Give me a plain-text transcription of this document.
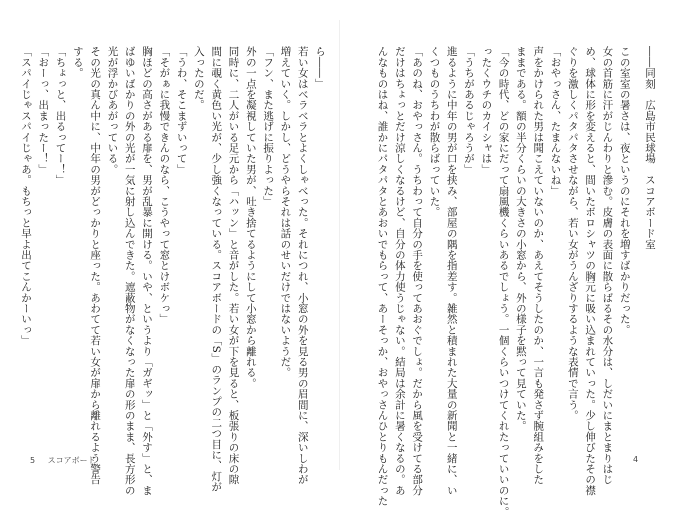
――同刻　広島市民球場　スコアボード室
この室室の暑さは、夜というのにそれを増すばかりだった。
女の首筋に汗がじんわりと滲む。皮膚の表面に散らばるその水分は、しだいにまとまりはじ
め、球体に形を変えると、間いたボロシャツの胸元に吸い込まれていった。少し伸びたその襟
ぐりを激しくパタパタさせながら、若い女がうんざりするような表情で言う。
「おやっさん、たまんないね」
声をかけられた男は聞こえていないのか、あえてそうしたのか、一言も発さず腕組みをした
ままである。額の半分くらいの大きさの小窓から、外の様子を黙って見ていた。
「今の時代、どの家にだって扇風機くらいあるでしょう。一個くらいつけてくれたっていいのに。
ったくウチのカイシャは」
「うちがあるじゃろうが」
進るように中年の男が口を挟み、部屋の隅を指差す。雑然と積まれた大量の新聞と一緒に、い
くつものうちわが散らばっていた。
「あのね、おやっさん。うちわって自分の手を使ってあおぐでしょ。だから風を受けてる部分
だけはちょっとだけ涼しくなるけど、自分の体力使うじゃない。結局は余計に暑くなるの。あ
んなものはね、誰かにパタパタとあおいでもらって、あーそっか、おやっさんひとりもんだった
ら――」
若い女はベラベラとよくしゃべった。それにつれ、小窓の外を見る男の眉間に、深いしわが
増えていく。しかし、どうやらそれは話のせいだけではないようだ。
「フン、また逃げに振りよった」
外の一点を凝視していた男が、吐き捨てるようにして小窓から離れる。
同時に、二人がいる足元から「ハッン」と音がした。若い女が下を見ると、板張りの床の隙
間に覗く黄色い光が、少し強くなっている。スコアボードの「S」のランプの二つ目に、灯が
入ったのだ。
「うわ、そこまずいって」
「そがぁに我慢できんのなら、こうやって窓とけボケっ」
胸ほどの高さがある扉を、男が乱暴に開ける。いや、というより「ガギッ」と「外す」と、ま
ばゆいばかりの外の光が一気に射し込んできた。遮蔽物がなくなった扉の形のまま、長方形の
光が浮かびあがっている。
その光の真ん中に、中年の男がどっかりと座った。あわてて若い女が扉から離れるよう警告
する。
「ちょっと、出るってー！」
「おーっ、出まったー！」
「スパイじゃスパイじゃあ。もちっと早よ出てこんかーいっ」
5 スコアボード	4
